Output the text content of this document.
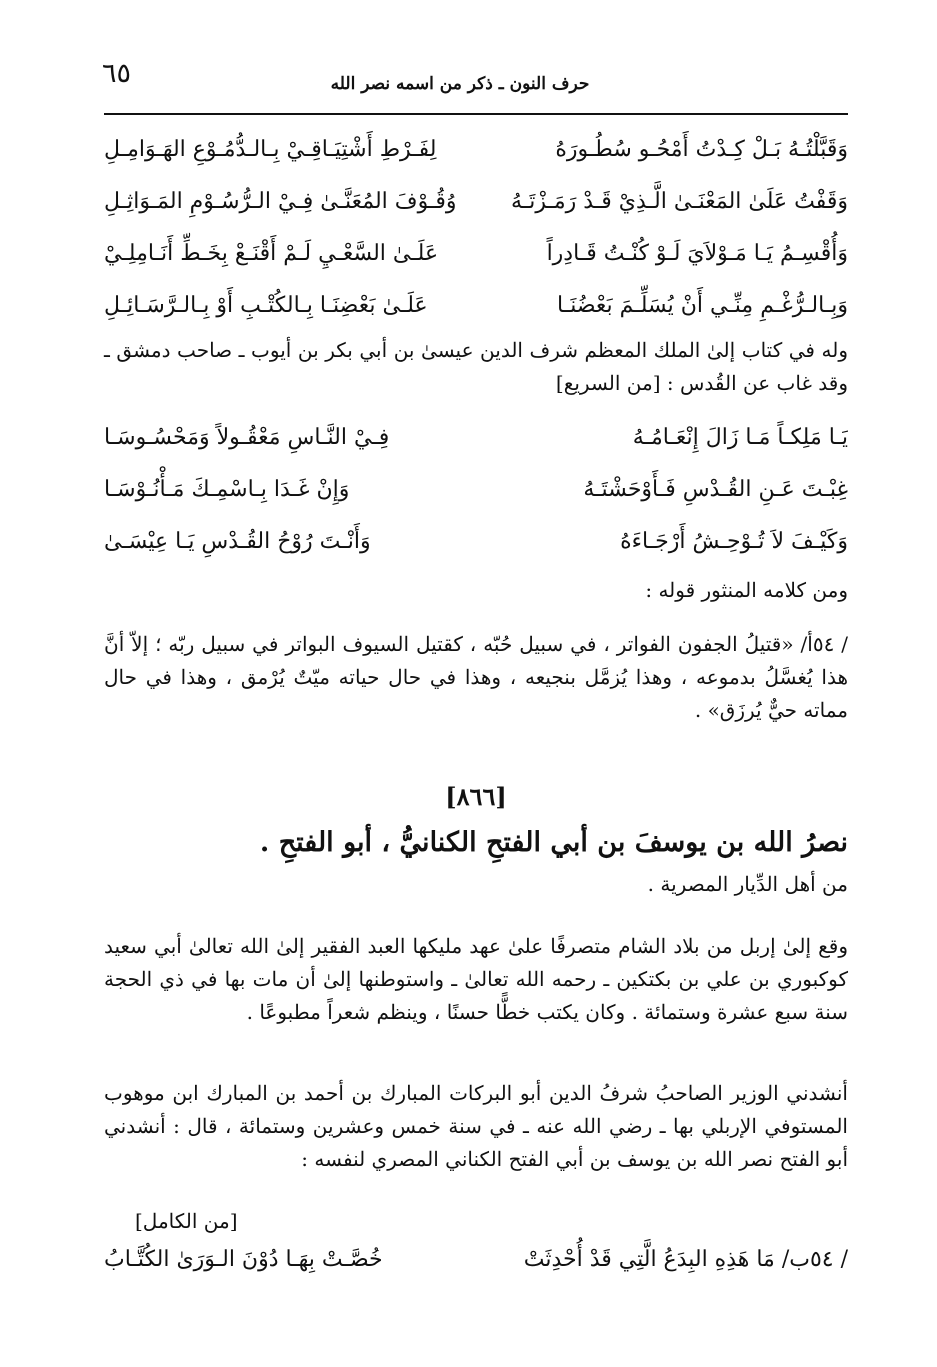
٦٥	حرف النون ـ ذكر من اسمه نصر الله
وَقَبَّلْتُـهُ بَـلْ كِـدْتُ أَمْحُـو سُطُـورَهُ
لِفَـرْطِ أَشْتِيَـاقِـيْ بِـالـدُّمُـوْعِ الهَـوَامِـلِ
وَقَفْتُ عَلَىٰ المَعْنَـىٰ الَّـذِيْ قَـدْ رَمَـزْتَـهُ
وُقُـوْفَ المُعَنَّـىٰ فِـيْ الـرُّسُـوْمِ المَـوَاثِـلِ
وَأُقْسِـمُ يَـا مَـوْلاَيَ لَـوْ كُنْـتُ قَـادِراً
عَلَـىٰ السَّعْـيِ لَـمْ أَقْنَـعْ بِخَـطِّ أَنَـامِلِـيْ
وَبِـالـرُّغْـمِ مِنِّـي أَنْ يُسَلِّـمَ بَعْضُنَـا
عَلَـىٰ بَعْضِنَـا بِـالكُتْـبِ أَوْ بِـالـرَّسَـائِـلِ

وله في كتاب إلىٰ الملك المعظم شرف الدين عيسىٰ بن أبي بكر بن أيوب ـ صاحب دمشق ـ وقد غاب عن القُدس : [من السريع]

يَـا مَلِكـاً مَـا زَالَ إِنْعَـامُـهُ
فِـيْ النَّـاسِ مَعْقُـولاً وَمَحْسُـوسَـا
غِبْـتَ عَـنِ القُـدْسِ فَـأَوْحَشْتَـهُ
وَإِنْ غَـدَا بِـاسْمِـكَ مَـأْنُـوْسَـا
وَكَيْـفَ لاَ تُـوْحِـشُ أَرْجَـاءَهُ
وَأَنْـتَ رُوْحُ القُـدْسِ يَـا عِيْسَـىٰ
ومن كلامه المنثور قوله :

/ ٥٤أ/ «قتيلُ الجفون الفواتر ، في سبيل حُبّه ، كقتيل السيوف البواتر في سبيل ربّه ؛ إلاّ أنَّ هذا يُغسَّلُ بدموعه ، وهذا يُزمَّل بنجيعه ، وهذا في حال حياته ميّتٌ يُرْمق ، وهذا في حال مماته حيٌّ يُرزَق» .

[٨٦٦]
نصرُ الله بن يوسفَ بن أبي الفتحِ الكنانيُّ ، أبو الفتحِ .
من أهل الدِّيار المصرية .

وقع إلىٰ إربل من بلاد الشام متصرفًا علىٰ عهد مليكها العبد الفقير إلىٰ الله تعالىٰ أبي سعيد كوكبوري بن علي بن بكتكين ـ رحمه الله تعالىٰ ـ واستوطنها إلىٰ أن مات بها في ذي الحجة سنة سبع عشرة وستمائة . وكان يكتب خطًّا حسنًا ، وينظم شعراً مطبوعًا .

أنشدني الوزير الصاحبُ شرفُ الدين أبو البركات المبارك بن أحمد بن المبارك ابن موهوب المستوفي الإربلي بها ـ رضي الله عنه ـ في سنة خمس وعشرين وستمائة ، قال : أنشدني أبو الفتح نصر الله بن يوسف بن أبي الفتح الكناني المصري لنفسه :

[من الكامل]
/ ٥٤ب/ مَا هَذِهِ البِدَعُ الَّتِي قَدْ أُحْدِثَتْ
خُصَّـتْ بِهَـا دُوْنَ الـوَرَىٰ الكُتَّـابُ
